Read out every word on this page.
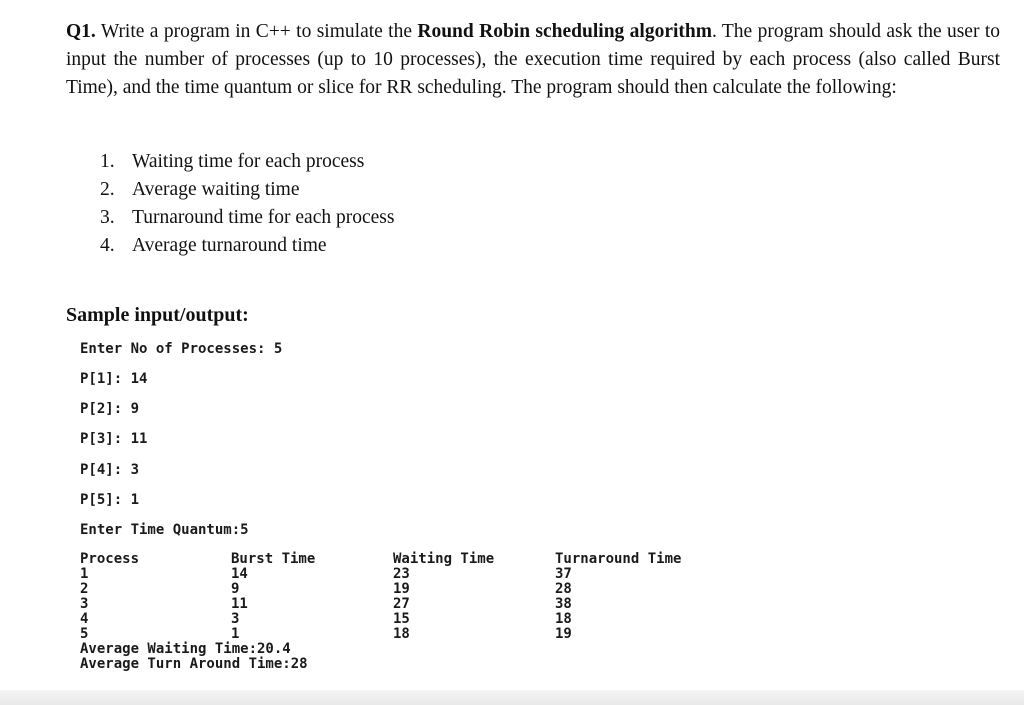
Q1. Write a program in C++ to simulate the Round Robin scheduling algorithm. The program should ask the user to input the number of processes (up to 10 processes), the execution time required by each process (also called Burst Time), and the time quantum or slice for RR scheduling. The program should then calculate the following:
1. Waiting time for each process
2. Average waiting time
3. Turnaround time for each process
4. Average turnaround time
Sample input/output:
Enter No of Processes: 5
P[1]: 14
P[2]: 9
P[3]: 11
P[4]: 3
P[5]: 1
Enter Time Quantum:5
Process	Burst Time	Waiting Time	Turnaround Time
1	14	23	37
2	9	19	28
3	11	27	38
4	3	15	18
5	1	18	19
Average Waiting Time:20.4
Average Turn Around Time:28
